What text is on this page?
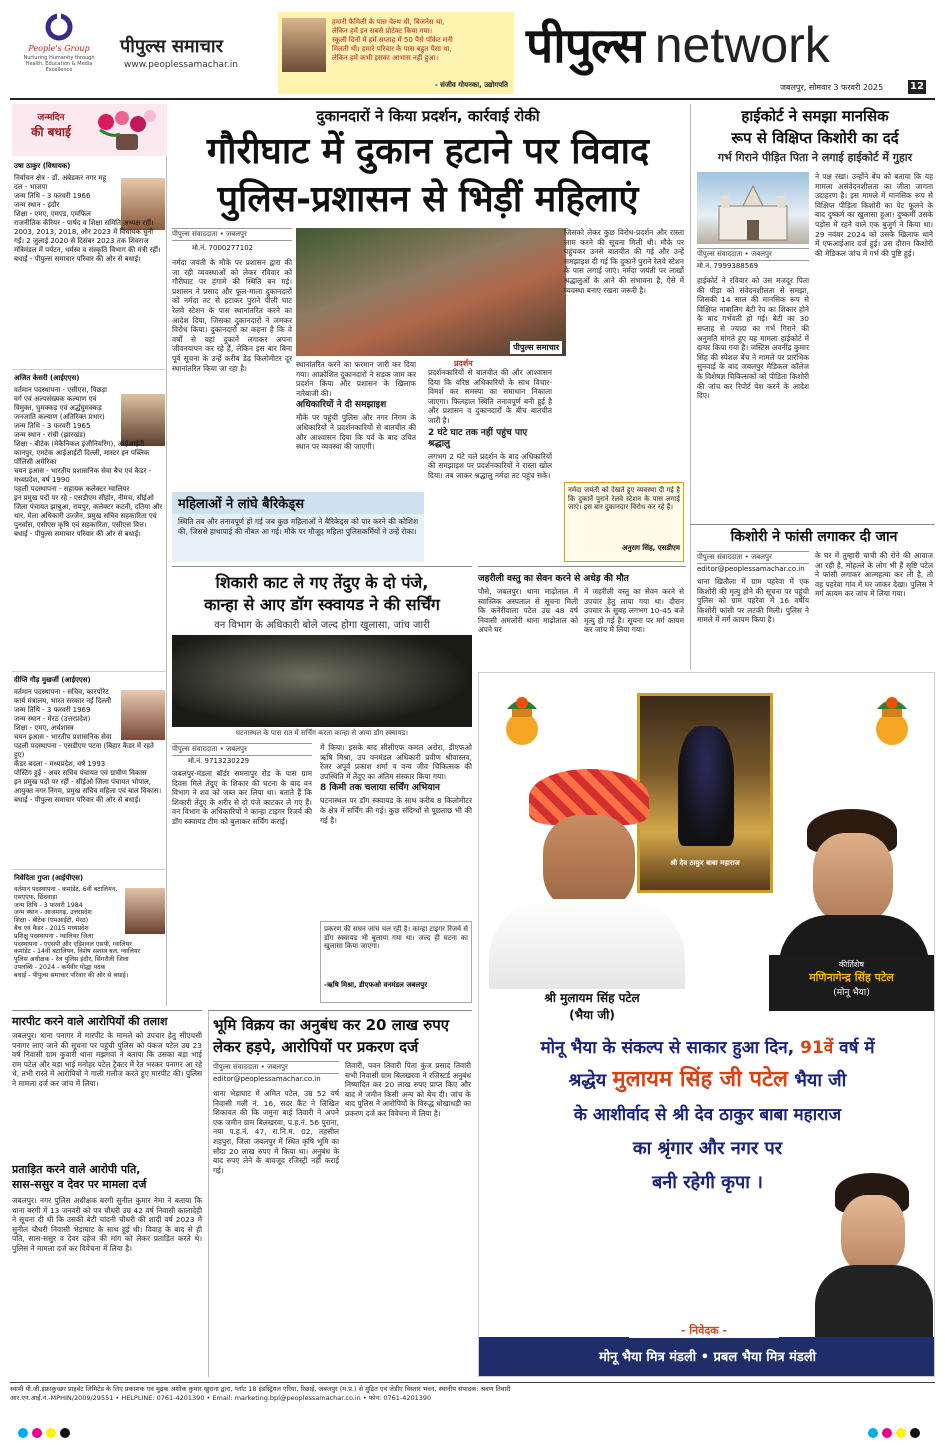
People's Group
Nurturing Humanity through Health, Education & Media Excellence
पीपुल्स समाचार
www.peoplessamachar.in
हमारी फैमिली के पास वेल्थ थी, बिजनेस था,
लेकिन हमें इन सबसे प्रोटेक्ट किया गया।
स्कूली दिनों में हमें सप्ताह में 50 पैसे पॉकेट मनी
मिलती थी। हमारे परिवार के पास बहुत पैसा था,
लेकिन हमें कभी इसका आभास नहीं हुआ।
- संजीव गोयनका, उद्योगपति
पीपुल्स network
जबलपुर, सोमवार 3 फरवरी 2025	12
जन्मदिन
की बधाई
उषा ठाकुर (विधायक)
निर्वाचन क्षेत्र - डॉ. अंबेडकर नगर महू
दल - भाजपा
जन्म तिथि - 3 फरवरी 1966
जन्म स्थान - इंदौर
शिक्षा - एमए, एमएड, एमफिल
राजनीतिक कॅरियर - पार्षद व शिक्षा समिति अध्यक्ष रहीं। 2003, 2013, 2018, और 2023 में विधायक चुनी गईं। 2 जुलाई 2020 से दिसंबर 2023 तक शिवराज मंत्रिमंडल में पर्यटन, धर्मस्व व संस्कृति विभाग की मंत्री रहीं।
बधाई - पीपुल्स समाचार परिवार की ओर से बधाई।
अजित केसरी (आईएएस)
वर्तमान पदस्थापना - एसीएस, पिछड़ा वर्ग एवं अल्पसंख्यक कल्याण एवं विमुक्त, घुमक्कड़ एवं अर्द्धघुमक्कड़ जनजाति कल्याण (अतिरिक्त प्रभार)
जन्म तिथि - 3 फरवरी 1965
जन्म स्थान - रांची (झारखंड)
शिक्षा - बीटेक (मेकैनिकल इंजीनियरिंग), आईआईटी कानपुर, एमटेक आईआईटी दिल्ली, मास्टर इन पब्लिक पॉलिसी अमेरिका
चयन इआस - भारतीय प्रशासनिक सेवा बैच एवं कैडर - मध्यप्रदेश, वर्ष 1990
पहली पदस्थापना - सहायक कलेक्टर ग्वालियर
इन प्रमुख पदों पर रहे - एसडीएम सीहोर, नीमच, सीईओ जिला पंचायत झाबुआ, रायपुर, कलेक्टर कटनी, दतिया और धार, मेला अधिकारी उज्जैन, प्रमुख सचिव सहकारिता एवं पुनर्वास, एसीएस कृषि एवं सहकारिता, एसीएस वित्त।
बधाई - पीपुल्स समाचार परिवार की ओर से बधाई।
दीप्ति गौड़ मुखर्जी (आईएएस)
वर्तमान पदस्थापना - सचिव, कारपोरेट कार्य मंत्रालय, भारत सरकार नई दिल्ली
जन्म तिथि - 3 फरवरी 1969
जन्म स्थान - मेरठ (उत्तरप्रदेश)
शिक्षा - एमए, अर्थशास्त्र
चयन इआस - भारतीय प्रशासनिक सेवा
पहली पदस्थापना - एसडीएम पटना (बिहार कैडर में रहते हुए)
कॅडर बदला - मध्यप्रदेश, वर्ष 1993
पोस्टिंग हुई - अवर सचिव पंचायत एवं ग्रामीण विकास
इन प्रमुख पदों पर रहीं - सीईओ जिला पंचायत भोपाल, आयुक्त नगर निगम, प्रमुख सचिव महिला एवं बाल विकास।
बधाई - पीपुल्स समाचार परिवार की ओर से बधाई।
निवेदिता गुप्ता (आईपीएस)
वर्तमान पदस्थापना - कमांडेंट, 6वीं बटालियन, एसएएफ, छिंदवाड़ा
जन्म तिथि - 3 फरवरी 1984
जन्म स्थान - आजमगढ़, उत्तरप्रदेश
शिक्षा - बीटेक (एमआईटी, मेरठ)
बैच एवं कैडर - 2015 मध्यप्रदेश
प्रशिक्षु पदस्थापना - ग्वालियर जिला
पदस्थापना - एएसपी और एडिशनल एसपी, ग्वालियर
कमांडेंट - 14वीं बटालियन, विशेष सशस्त्र बल, ग्वालियर
पुलिस अधीक्षक - रेल पुलिस इंदौर, सिंगरौली जिला
उपलब्धि - 2024 - कर्मवीर योद्धा पदक
बधाई - पीपुल्स समाचार परिवार की ओर से बधाई।
दुकानदारों ने किया प्रदर्शन, कार्रवाई रोकी
गौरीघाट में दुकान हटाने पर विवाद
पुलिस-प्रशासन से भिड़ीं महिलाएं
पीपुल्स संवाददाता • जबलपुर
मो.नं. 7000277102
पीपुल्स समाचार
प्रदर्शन
नर्मदा जयंती के मौके पर प्रशासन द्वारा की जा रही व्यवस्थाओं को लेकर रविवार को गौरीघाट पर हंगामे की स्थिति बन गई। प्रशासन ने प्रसाद और फूल-माला दुकानदारों को नर्मदा तट से हटाकर पुराने पीली घाट रेलवे स्टेशन के पास स्थानांतरित करने का आदेश दिया, जिसका दुकानदारों ने जमकर विरोध किया। दुकानदारों का कहना है कि वे वर्षों से यहां दुकानें लगाकर अपना जीवनयापन कर रहे हैं, लेकिन इस बार बिना पूर्व सूचना के उन्हें करीब डेढ़ किलोमीटर दूर स्थानांतरित किया जा रहा है।	स्थानांतरित करने का फरमान जारी कर दिया गया। आक्रोशित दुकानदारों ने सड़क जाम कर प्रदर्शन किया और प्रशासन के खिलाफ नारेबाजी की।

अधिकारियों ने दी समझाइश

मौके पर पहुंची पुलिस और नगर निगम के अधिकारियों ने प्रदर्शनकारियों से बातचीत की और आश्वासन दिया कि पर्व के बाद उचित स्थान पर व्यवस्था की जाएगी।

प्रदर्शनकारियों से बातचीत की और आश्वासन दिया कि वरिष्ठ अधिकारियों के साथ विचार-विमर्श कर समस्या का समाधान निकाला जाएगा। फिलहाल स्थिति तनावपूर्ण बनी हुई है और प्रशासन व दुकानदारों के बीच बातचीत जारी है।

2 घंटे घाट तक नहीं पहुंच पाए श्रद्धालु

लगभग 2 घंटे चले प्रदर्शन के बाद अधिकारियों की समझाइश पर प्रदर्शनकारियों ने रास्ता खोल दिया। तब जाकर श्रद्धालु नर्मदा तट पहुंच सके।

जिसको लेकर कुछ विरोध-प्रदर्शन और रास्ता जाम करने की सूचना मिली थी। मौके पर पहुंचकर उनसे बातचीत की गई और उन्हें समझाइश दी गई कि दुकानें पुराने रेलवे स्टेशन के पास लगाई जाएं। नर्मदा जयंती पर लाखों श्रद्धालुओं के आने की संभावना है, ऐसे में व्यवस्था बनाए रखना जरूरी है।
महिलाओं ने लांघे बैरिकेड्स
स्थिति तब और तनावपूर्ण हो गई जब कुछ महिलाओं ने बैरिकेड्स को पार करने की कोशिश की, जिससे हाथापाई की नौबत आ गई। मौके पर मौजूद महिला पुलिसकर्मियों ने उन्हें रोका।
नर्मदा जयंती को देखते हुए व्यवस्था दी गई है कि दुकानें पुराने रेलवे स्टेशन के पास लगाई जाएं। इस बार दुकानदार विरोध कर रहे हैं।
अनुराग सिंह, एसडीएम
हाईकोर्ट ने समझा मानसिक
रूप से विक्षिप्त किशोरी का दर्द
गर्भ गिराने पीड़ित पिता ने लगाई हाईकोर्ट में गुहार
पीपुल्स संवाददाता • जबलपुर
मो.नं. 7999388569
ने पक्ष रखा। उन्होंने बेंच को बताया कि यह मामला असंवेदनशीलता का जीता जागता उदाहरण है। इस मामले में मानसिक रूप से विक्षिप्त पीड़िता किशोरी का पेट फूलने के बाद दुष्कर्म का खुलासा हुआ। दुष्कर्मी उसके पड़ोस में रहने वाले एक बुजुर्ग ने किया था। 29 नवंबर 2024 को उसके खिलाफ थाने में एफआईआर दर्ज हुई। उस दौरान किशोरी की मेडिकल जांच में गर्भ की पुष्टि हुई।
हाईकोर्ट ने रविवार को उस मजदूर पिता की पीड़ा को संवेदनशीलता से समझा, जिसकी 14 साल की मानसिक रूप से विक्षिप्त नाबालिग बेटी रेप का शिकार होने के बाद गर्भवती हो गई। बेटी का 30 सप्ताह से ज्यादा का गर्भ गिराने की अनुमति मांगते हुए यह मामला हाईकोर्ट में दायर किया गया है। जस्टिस अवनींद्र कुमार सिंह की स्पेशल बेंच ने मामले पर प्रारंभिक सुनवाई के बाद जबलपुर मेडिकल कॉलेज के विशेषज्ञ चिकित्सकों को पीड़िता किशोरी की जांच कर रिपोर्ट पेश करने के आदेश दिए।
किशोरी ने फांसी लगाकर दी जान
पीपुल्स संवाददाता • जबलपुर
editor@peoplessamachar.co.in
थाना खितौला में ग्राम पहरेवा में एक किशोरी की मृत्यु होने की सूचना पर पहुंची पुलिस को ग्राम पहरेवा में 16 वर्षीय किशोरी फांसी पर लटकी मिली। पुलिस ने मामले में मर्ग कायम किया है।
के घर में तुम्हारी चाची की रोने की आवाज आ रही है, मोहल्ले के लोग भी हैं सृष्टि पटेल ने फांसी लगाकर आत्महत्या कर ली है, तो वह पहरेवा गांव में घर जाकर देखा। पुलिस ने मर्ग कायम कर जांच में लिया गया।
जहरीली वस्तु का सेवन करने से अधेड़ की मौत
पौसे, जबलपुर। थाना माढ़ोताल में स्वास्तिक अस्पताल से सूचना मिली कि कनेरीवाला पटेल उम्र 48 वर्ष निवासी अमलोरी थाना माढ़ोताल को अपने घर
में जहरीली वस्तु का सेवन करने से उपचार हेतु लाया गया था। दौरान उपचार के सुबह लगभग 10-45 बजे मृत्यु हो गई है। सूचना पर मर्ग कायम कर जांच में लिया गया।
शिकारी काट ले गए तेंदुए के दो पंजे,
कान्हा से आए डॉग स्क्वायड ने की सर्चिंग
वन विभाग के अधिकारी बोले जल्द होगा खुलासा, जांच जारी
घटनास्थल के पास रात में सर्चिंग करता कान्हा से आया डॉग स्क्वायड।
पीपुल्स संवाददाता • जबलपुर
मो.नं. 9713230229
जबलपुर-मंडला बॉर्डर समनापुर रोड के पास ग्राम दिवस मिले तेंदुए के शिकार की घटना के बाद वन विभाग ने शव को जब्त कर लिया था। बताते हैं कि शिकारी तेंदुए के शरीर से दो पंजे काटकर ले गए हैं। वन विभाग के अधिकारियों ने कान्हा टाइगर रिजर्व की डॉग स्क्वायड टीम को बुलाकर सर्चिंग कराई।

में किया। इसके बाद सीसीएफ कमल अरोरा, डीएफओ ऋषि मिश्रा, उप वनमंडल अधिकारी प्रवीण श्रीवास्तव, रेंजर अपूर्व प्रकाश शर्मा व वन्य जीव चिकित्सक की उपस्थिति में तेंदुए का अंतिम संस्कार किया गया।

8 किमी तक चलाया सर्चिंग अभियान

घटनास्थल पर डॉग स्क्वायड के साथ करीब 8 किलोमीटर के क्षेत्र में सर्चिंग की गई। कुछ संदिग्धों से पूछताछ भी की गई है।

प्रकरण की सघन जांच चल रही है। कान्हा टाइगर रिजर्व से डॉग स्क्वायड भी बुलाया गया था। जल्द ही घटना का खुलासा किया जाएगा।
-ऋषि मिश्रा, डीएफओ वनमंडल जबलपुर
मारपीट करने वाले आरोपियों की तलाश
जबलपुर। थाना पनागर में मारपीट के मामले को उपचार हेतु सीएचसी पनागर लाए जाने की सूचना पर पहुंची पुलिस को पंकज पटेल उम्र 23 वर्ष निवासी ग्राम कुवारी थाना मझगवां ने बताया कि उसका बड़ा भाई राम पटेल और बड़ा भाई मनोहर पटेल ट्रैक्टर में रेत भरकर पनागर आ रहे थे, तभी रास्ते में आरोपियों ने गाली गलौज करते हुए मारपीट की। पुलिस ने मामला दर्ज कर जांच में लिया।
प्रताड़ित करने वाले आरोपी पति,
सास-ससुर व देवर पर मामला दर्ज
जबलपुर। नगर पुलिस अधीक्षक बरगी सुनील कुमार नेमा ने बताया कि थाना बरगी में 13 जनवरी को पत्र चौधरी उम्र 42 वर्ष निवासी कालादेही ने सूचना दी थी कि उसकी बेटी चांदनी चौधरी की शादी वर्ष 2023 में सुनील चौधरी निवासी भेड़ाघाट के साथ हुई थी। विवाह के बाद से ही पति, सास-ससुर व देवर दहेज की मांग को लेकर प्रताड़ित करते थे। पुलिस ने मामला दर्ज कर विवेचना में लिया है।
भूमि विक्रय का अनुबंध कर 20 लाख रुपए
लेकर हड़पे, आरोपियों पर प्रकरण दर्ज
पीपुल्स संवाददाता • जबलपुर
editor@peoplessamachar.co.in
थाना भेड़ाघाट में अमित पटेल, उम्र 52 वर्ष निवासी गली नं. 16, सदर कैंट ने लिखित शिकायत की कि जमुना बाई तिवारी ने अपने एक जमीन ग्राम बिलखरवा, प.ह.नं. 56 पुराना, नया प.ह.नं. 47, रा.नि.म. 02, तहसील शहपुरा, जिला जबलपुर में स्थित कृषि भूमि का सौदा 20 लाख रुपए में किया था। अनुबंध के बाद रुपए लेने के बावजूद रजिस्ट्री नहीं कराई गई।
तिवारी, पवन तिवारी पिता कुंज प्रसाद तिवारी सभी निवासी ग्राम बिलखरवा ने रजिस्टर्ड अनुबंध निष्पादित कर 20 लाख रुपए प्राप्त किए और बाद में जमीन किसी अन्य को बेच दी। जांच के बाद पुलिस ने आरोपियों के विरुद्ध धोखाधड़ी का प्रकरण दर्ज कर विवेचना में लिया है।
श्री देव ठाकुर बाबा महाराज
श्री मुलायम सिंह पटेल
(भैया जी)
कीर्तिशेष
मणिनागेन्द्र सिंह पटेल
(मोनू भैया)
मोनू भैया के संकल्प से साकार हुआ दिन, 91वें वर्ष में
श्रद्धेय मुलायम सिंह जी पटेल भैया जी
के आशीर्वाद से श्री देव ठाकुर बाबा महाराज
का श्रृंगार और नगर पर
बनी रहेगी कृपा ।
- निवेदक -
मोनू भैया मित्र मंडली • प्रबल भैया मित्र मंडली
स्वामी पी.जी.इंफ्राकुच्छर प्राइवेट लिमिटेड के लिए प्रकाशक एवं मुद्रक अशोक कुमार खुराना द्वारा, प्लॉट 18 इंडस्ट्रियल एरिया, रिछाई, जबलपुर (म.प्र.) से मुद्रित एवं जेडीए विस्तार भवन, स्थानीय संपादक: श्रवण तिवारी
आर.एन.आई.नं.-MPHIN/2009/29551 • HELPLINE: 0761-4201390 • Email: marketing.bpl@peoplessamachar.co.in • फोन: 0761-4201390
